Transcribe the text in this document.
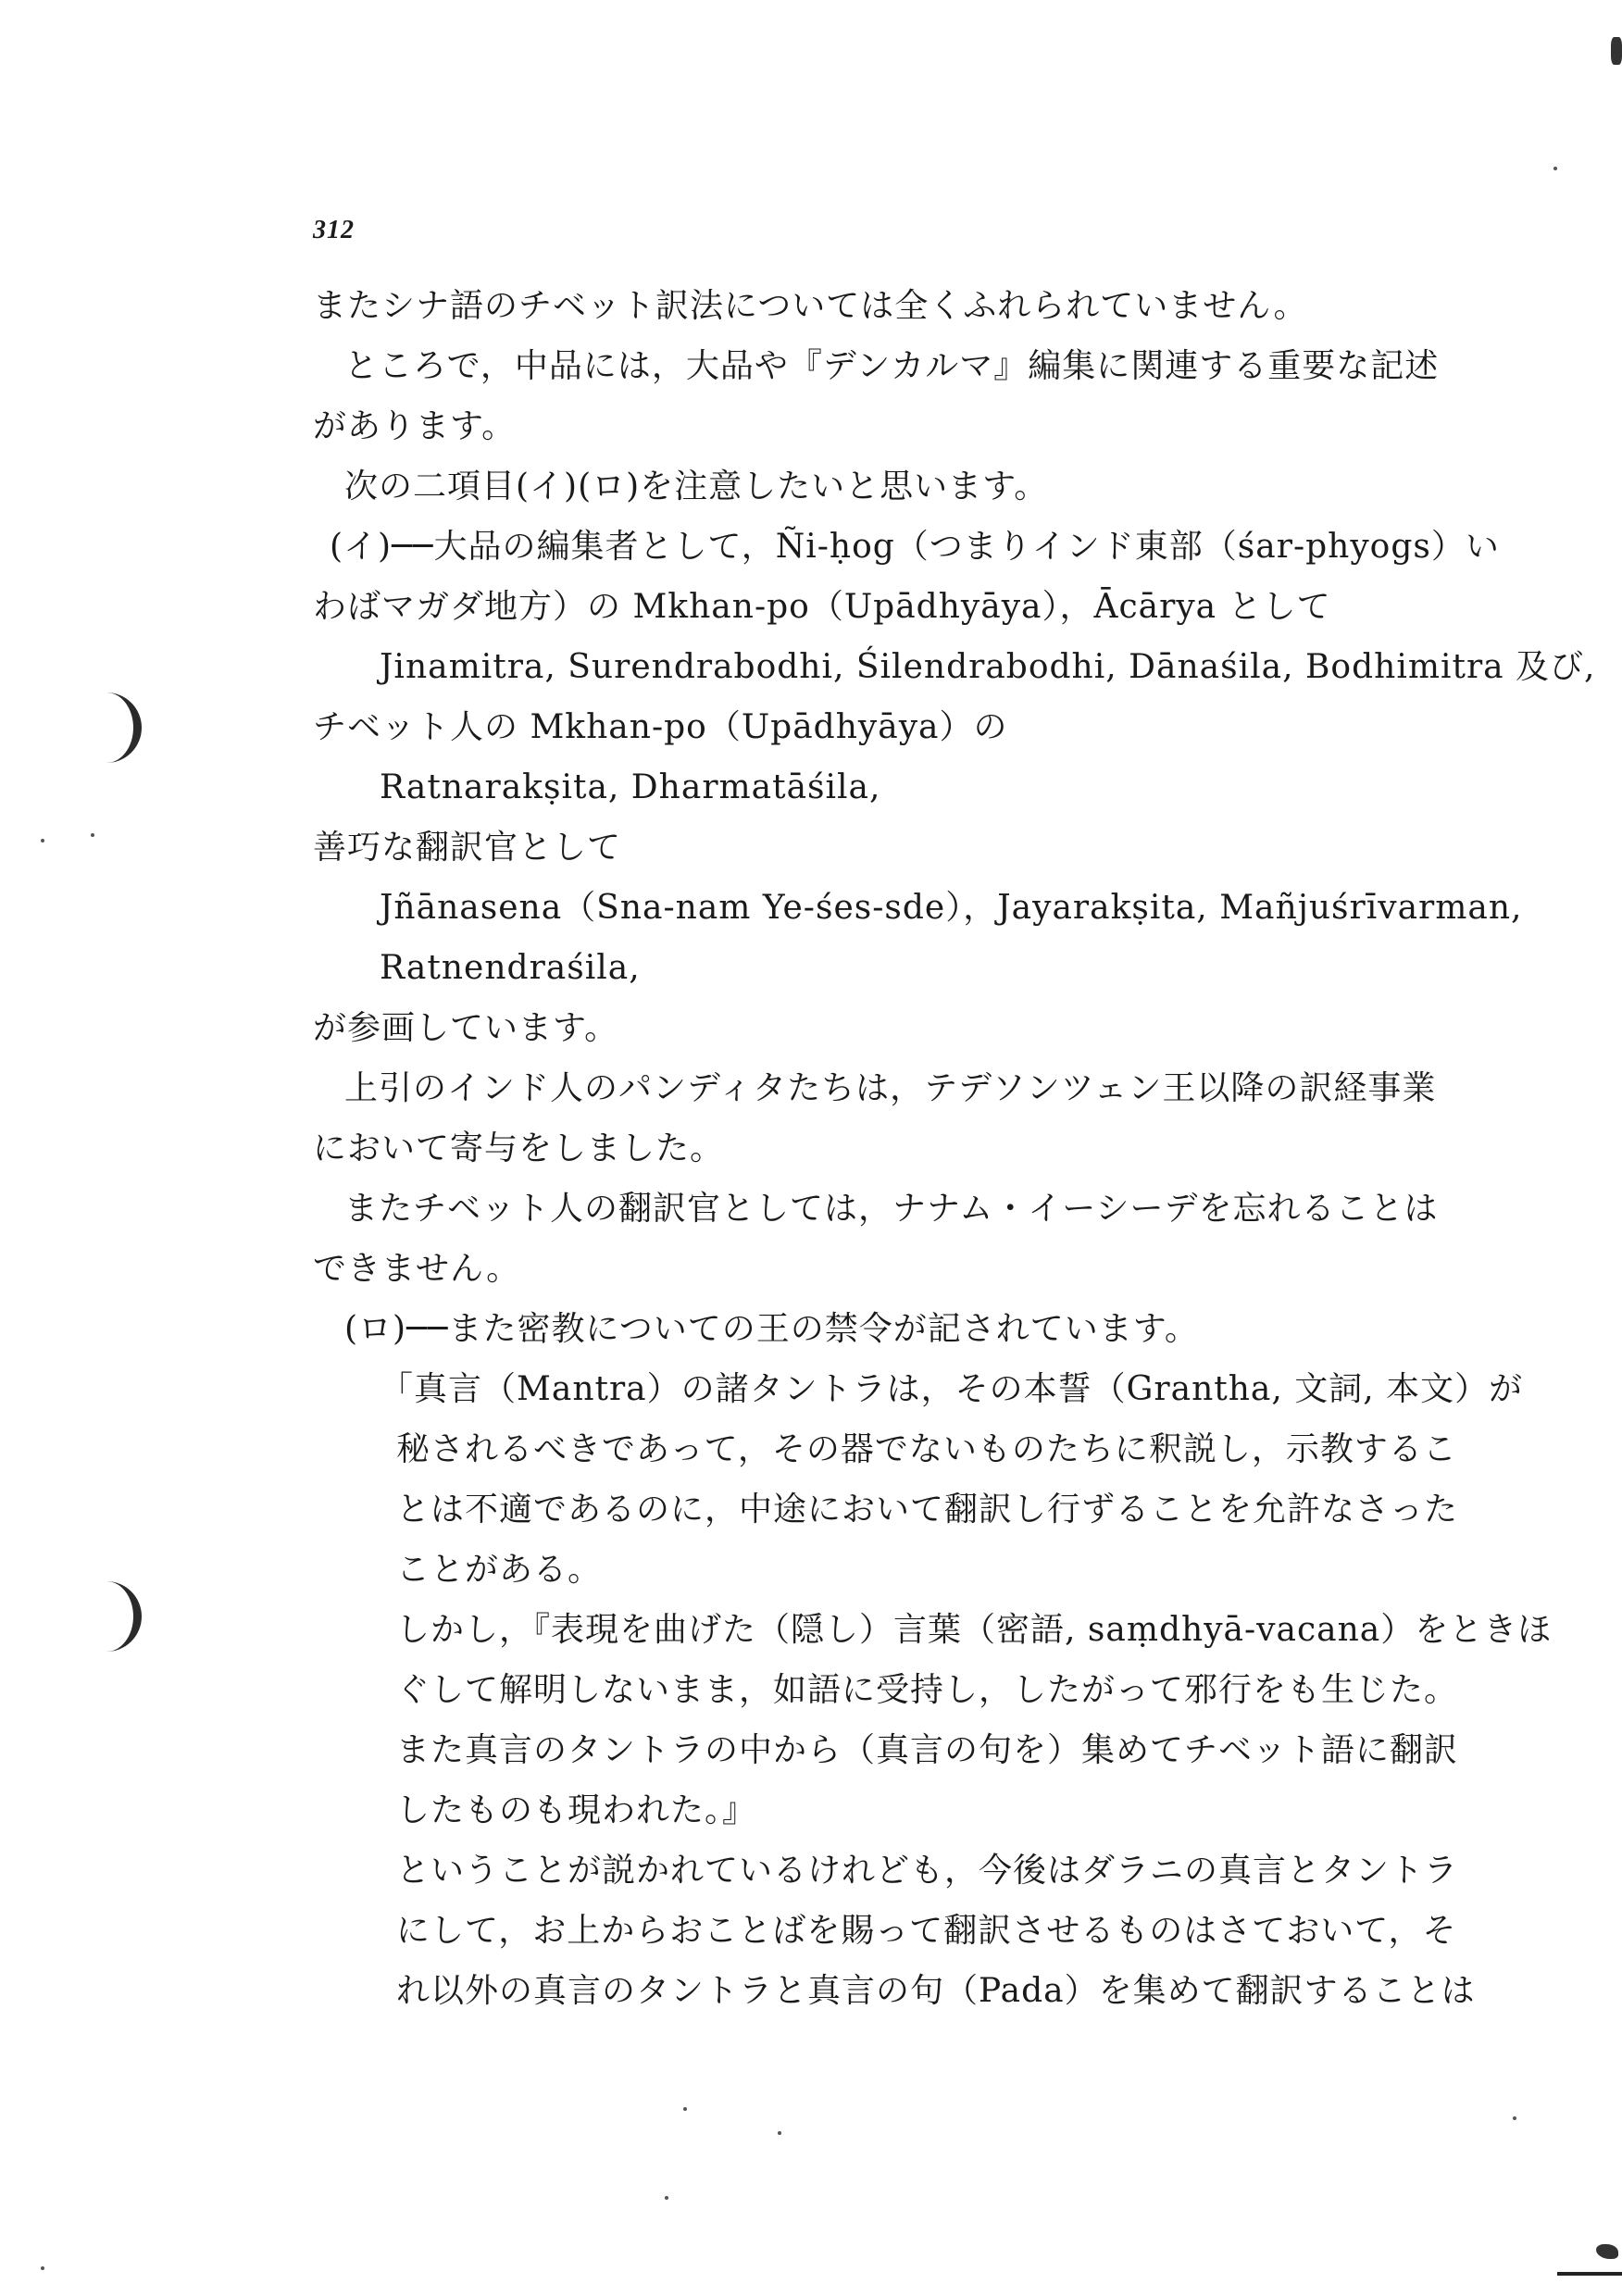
312
またシナ語のチベット訳法については全くふれられていません。
ところで，中品には，大品や『デンカルマ』編集に関連する重要な記述
があります。
次の二項目(イ)(ロ)を注意したいと思います。
(イ)──大品の編集者として，Ñi-ḥog（つまりインド東部（śar-phyogs）い
わばマガダ地方）の Mkhan-po（Upādhyāya），Ācārya として
Jinamitra, Surendrabodhi, Śilendrabodhi, Dānaśila, Bodhimitra 及び,
チベット人の Mkhan-po（Upādhyāya）の
Ratnarakṣita, Dharmatāśila,
善巧な翻訳官として
Jñānasena（Sna-nam Ye-śes-sde），Jayarakṣita, Mañjuśrīvarman,
Ratnendraśila,
が参画しています。
上引のインド人のパンディタたちは，テデソンツェン王以降の訳経事業
において寄与をしました。
またチベット人の翻訳官としては，ナナム・イーシーデを忘れることは
できません。
(ロ)──また密教についての王の禁令が記されています。
「真言（Mantra）の諸タントラは，その本誓（Grantha, 文詞, 本文）が
秘されるべきであって，その器でないものたちに釈説し，示教するこ
とは不適であるのに，中途において翻訳し行ずることを允許なさった
ことがある。
しかし，『表現を曲げた（隠し）言葉（密語, saṃdhyā-vacana）をときほ
ぐして解明しないまま，如語に受持し，したがって邪行をも生じた。
また真言のタントラの中から（真言の句を）集めてチベット語に翻訳
したものも現われた。』
ということが説かれているけれども，今後はダラニの真言とタントラ
にして，お上からおことばを賜って翻訳させるものはさておいて，そ
れ以外の真言のタントラと真言の句（Pada）を集めて翻訳することは
